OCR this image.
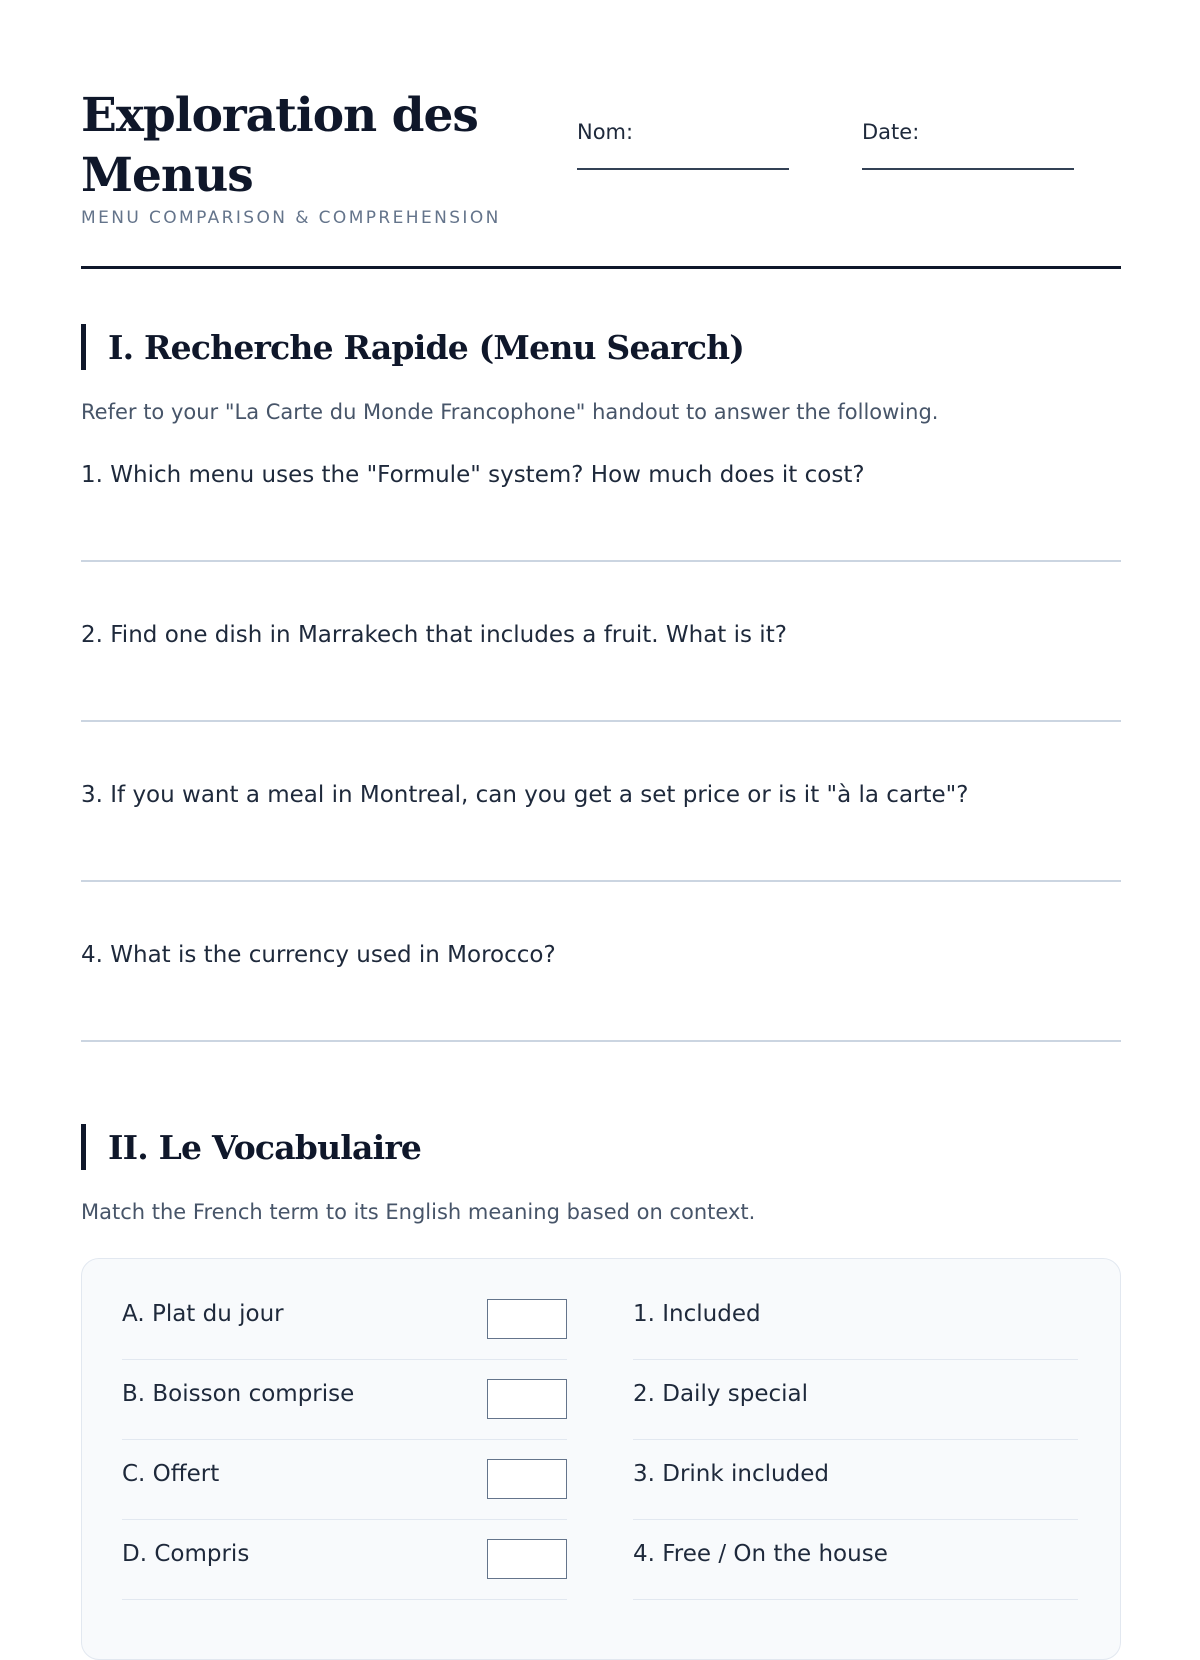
Exploration des Menus
MENU COMPARISON & COMPREHENSION
Nom:	Date:
I. Recherche Rapide (Menu Search)
Refer to your "La Carte du Monde Francophone" handout to answer the following.
1. Which menu uses the "Formule" system? How much does it cost?
2. Find one dish in Marrakech that includes a fruit. What is it?
3. If you want a meal in Montreal, can you get a set price or is it "à la carte"?
4. What is the currency used in Morocco?
II. Le Vocabulaire
Match the French term to its English meaning based on context.
A. Plat du jour	1. Included
B. Boisson comprise	2. Daily special
C. Offert	3. Drink included
D. Compris	4. Free / On the house
